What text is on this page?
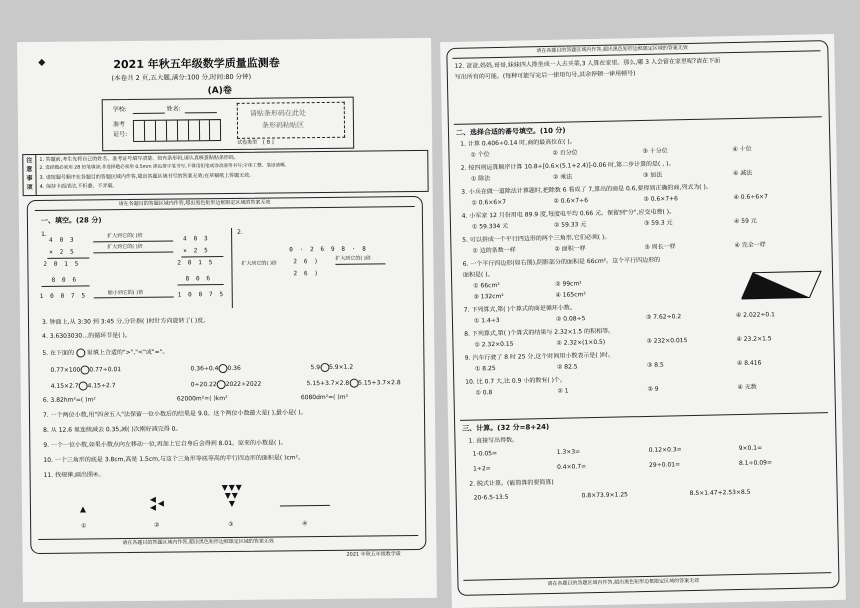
2021 年秋五年级数学质量监测卷
(本卷共 2 页,五大题,满分:100 分,时间:80 分钟)
(A)卷
学校:	姓名:
准考
证号:
请贴条形码在此处
条形码粘贴区
试卷类型 [ B ]
注
意
事
项
1. 答题前,考生先将自己的姓名、准考证号填写清楚。如有条形码,请认真核查粘贴条形码。
2. 选择题必须用 2B 铅笔填涂;非选择题必须用 0.5mm 黑色签字笔书写,不得用铅笔或涂改液等书写;字体工整、笔迹清晰。
3. 请按题号顺序在各题目的答题区域内作答,超出答题区域书写的答案无效;在草稿纸上答题无效。
4. 保持卡面清洁,不折叠、不弄破。
请在各题目的答题区域内作答,超出黑色矩形边框限定区域的答案无效
一、填空。(28 分)
1.
4 0 3
× 2 5
2 0 1 5
8 0 6
1 0 0 7 5
扩大到它的( )倍
扩大到它的( )倍
缩小到它的( )倍
4 0 3
× 2 5
2 0 1 5
8 0 6
1 0 0 7 5
2.
扩大到它的( )倍
0 · 2 6 9 8 · 8
2 6 )
2 6 )
扩大到它的( )倍
3. 钟面上,从 3:30 到 3:45 分,分针指( )时针方向旋转了( )度。
4. 3.6303030…的循环节是( )。
5. 在下面的 里填上合适的">","<"或"="。
0.77×100 0.77÷0.01	0.36÷0.4 0.36	5.9 5.9×1.2
4.15×2.7 4.15÷2.7	0÷20.22 2022÷2022	5.15+3.7×2.8 5.15+3.7×2.8
6. 3.82hm²=( )m²	62000m²=( )km²	6080dm²=( )m²
7. 一个两位小数,用"四舍五入"法保留一位小数后的结果是 9.0。这个两位小数最大是( ),最小是( )。
8. 从 12.6 里连续减去 0.35,减( )次刚好减完得 0。
9. 一个一位小数,如果小数点向左移动一位,再加上它自身后会得到 8.01。原来的小数是( )。
10. 一个三角形的底是 3.8cm,高是 1.5cm,与这个三角形等底等高的平行四边形的面积是( )cm²。
11. 找规律,画出图④。
①	②	③	④
请在各题目的答题区域内作答,超出黑色矩形边框限定区域的答案无效
2021 年秋五年级数学质
请在各题目的答题区域内作答,超出黑色矩形边框限定区域的答案无效
12. 爸爸,妈妈,哥哥,妹妹四人排坐成一人去买菜,3 人算在家里。那么,哪 3 人会留在家里呢?请在下面
写出所有的可能。(每种可能写完后一律用句号,其余停顿一律用顿号)
二、选择合适的番号填空。(10 分)
三、计算。(32 分=8+24)
1. 直接写出得数。
1-0.05=	1.3×3=	0.12×0.3=	9×0.1=
1÷2=	0.4×0.7=	29÷0.01=	8.1÷0.09=
2. 脱式计算。(能简算的要简算)
20-6.5-13.5	0.8×73.9×1.25	8.5×1.47+2.53×8.5
请在各题目的答题区域内作答,超出黑色矩形边框限定区域的答案无效
1. 计算 0.406÷0.14 时,商的最高位在( )。
① 个位	② 百分位	③ 十分位	④ 十位
2. 按四则运算顺序计算 10.8÷[0.6×(5.1+2.4)]-0.06 时,第二步计算的是( , )。
① 除法	② 乘法	③ 加法	④ 减法
3. 小兵在做一道除法计算题时,把除数 6 看成了 7,算出的商是 0.6,要得到正确的商,列式为( )。
① 0.6×6×7	② 0.6×7÷6	③ 0.6×7+6	④ 0.6÷6×7
4. 小军家 12 月份用电 89.9 度,每度电平均 0.66 元。保留到"分",应交电费( )。
① 59.334 元	② 59.33 元	③ 59.3 元	④ 59 元
5. 可以拼成一个平行四边形的两个三角形,它们必须( )。
① 边的条数一样	② 面积一样	③ 周长一样	④ 完全一样
6. 一个平行四边形(如右图),阴影部分的面积是 66cm²。这个平行四边形的
面积是( )。
① 66cm²	② 99cm²
③ 132cm²	④ 165cm²
7. 下列算式,第( )个算式的商是循环小数。
① 1.4÷3	② 0.08÷5	③ 7.62÷0.2	④ 2.022÷0.1
8. 下列算式,第( )个算式的结果与 2.32×1.5 的积相等。
① 2.32×0.15	② 2.32×(1×0.5)	③ 232×0.015	④ 23.2×1.5
9. 汽车行驶了 8 时 25 分,这个时间用小数表示是( )时。
① 8.25	② 82.5	③ 8.5	④ 8.416̇
10. 比 0.7 大,比 0.9 小的数有( )个。
① 0.8	② 1	③ 9	④ 无数
